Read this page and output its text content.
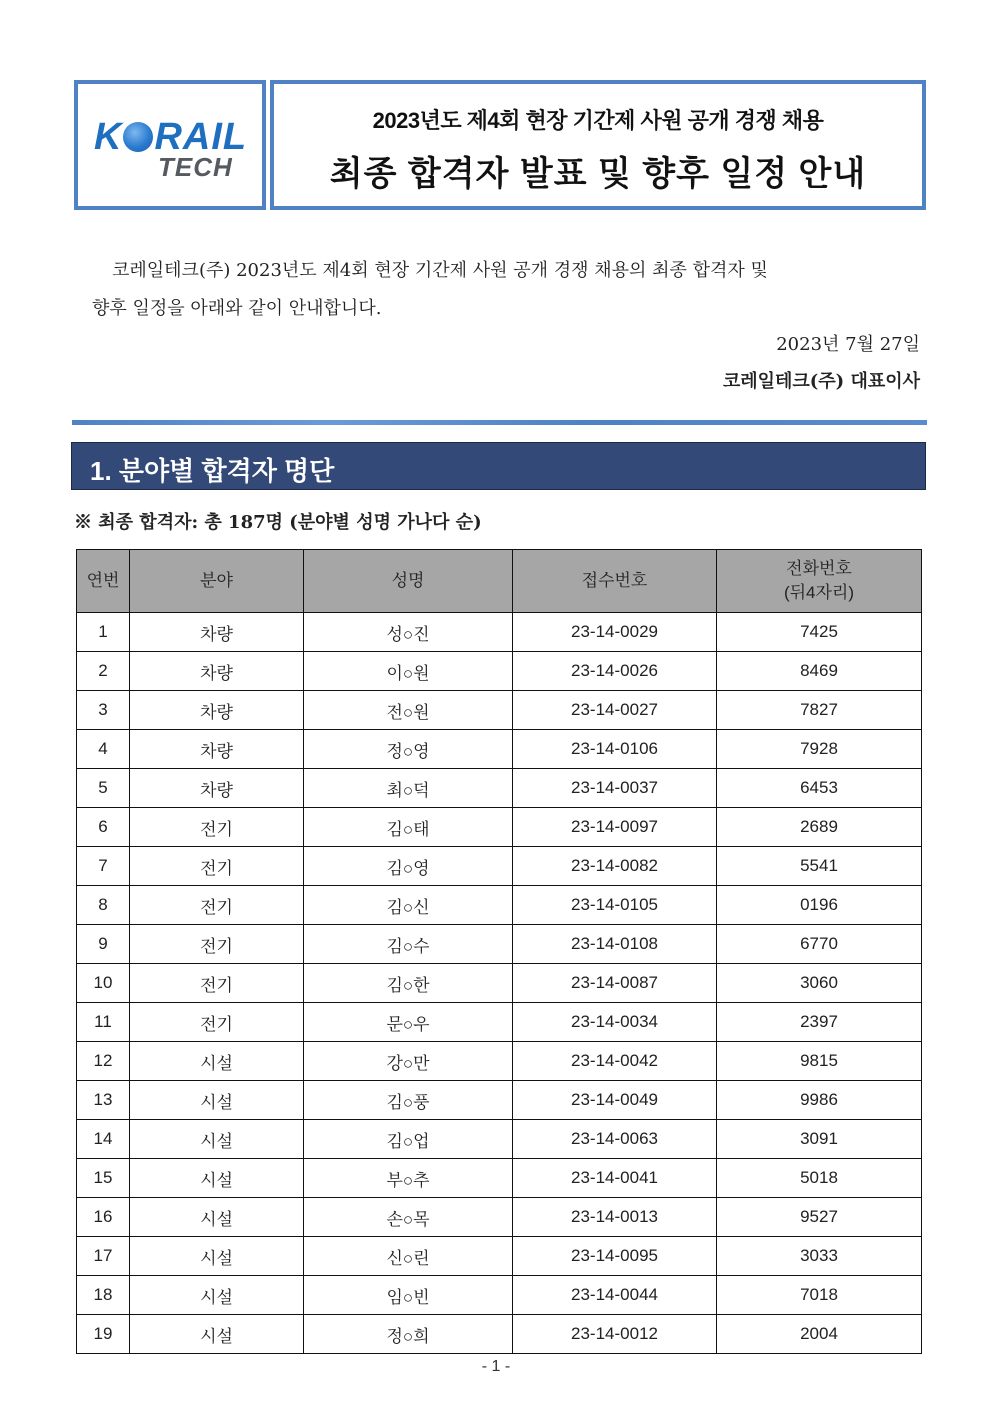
K RAIL
TECH
2023년도 제4회 현장 기간제 사원 공개 경쟁 채용
최종 합격자 발표 및 향후 일정 안내

코레일테크(주) 2023년도 제4회 현장 기간제 사원 공개 경쟁 채용의 최종 합격자 및

향후 일정을 아래와 같이 안내합니다.

2023년 7월 27일
코레일테크(주) 대표이사
1. 분야별 합격자 명단
※ 최종 합격자: 총 187명 (분야별 성명 가나다 순)
연번	분야	성명	접수번호	전화번호
(뒤4자리)

1	차량	성○진	23-14-0029	7425
2	차량	이○원	23-14-0026	8469
3	차량	전○원	23-14-0027	7827
4	차량	정○영	23-14-0106	7928
5	차량	최○덕	23-14-0037	6453
6	전기	김○태	23-14-0097	2689
7	전기	김○영	23-14-0082	5541
8	전기	김○신	23-14-0105	0196
9	전기	김○수	23-14-0108	6770
10	전기	김○한	23-14-0087	3060
11	전기	문○우	23-14-0034	2397
12	시설	강○만	23-14-0042	9815
13	시설	김○풍	23-14-0049	9986
14	시설	김○업	23-14-0063	3091
15	시설	부○추	23-14-0041	5018
16	시설	손○목	23-14-0013	9527
17	시설	신○린	23-14-0095	3033
18	시설	임○빈	23-14-0044	7018
19	시설	정○희	23-14-0012	2004
- 1 -
